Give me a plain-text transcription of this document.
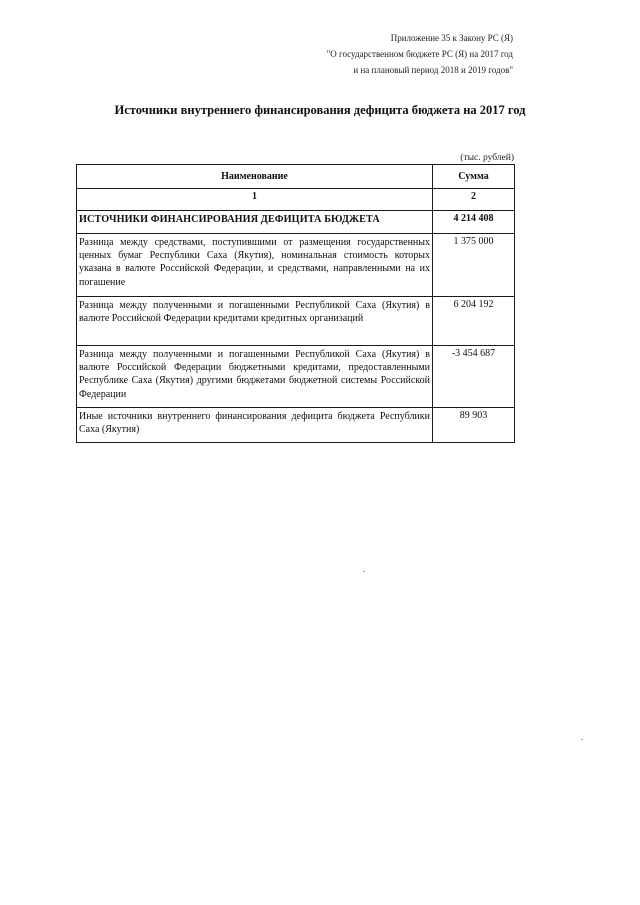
Приложение 35 к Закону РС (Я)
"О государственном бюджете РС (Я) на 2017 год
и на плановый период 2018 и 2019 годов"
Источники внутреннего финансирования дефицита бюджета на 2017 год
(тыс. рублей)
Наименование	Сумма
1	2
ИСТОЧНИКИ ФИНАНСИРОВАНИЯ ДЕФИЦИТА БЮДЖЕТА	4 214 408
Разница между средствами, поступившими от размещения государственных ценных бумаг Республики Саха (Якутия), номинальная стоимость которых указана в валюте Российской Федерации, и средствами, направленными на их погашение	1 375 000
Разница между полученными и погашенными Республикой Саха (Якутия) в валюте Российской Федерации кредитами кредитных организаций	6 204 192
Разница между полученными и погашенными Республикой Саха (Якутия) в валюте Российской Федерации бюджетными кредитами, предоставленными Республике Саха (Якутия) другими бюджетами бюджетной системы Российской Федерации	-3 454 687
Иные источники внутреннего финансирования дефицита бюджета Республики Саха (Якутия)	89 903
